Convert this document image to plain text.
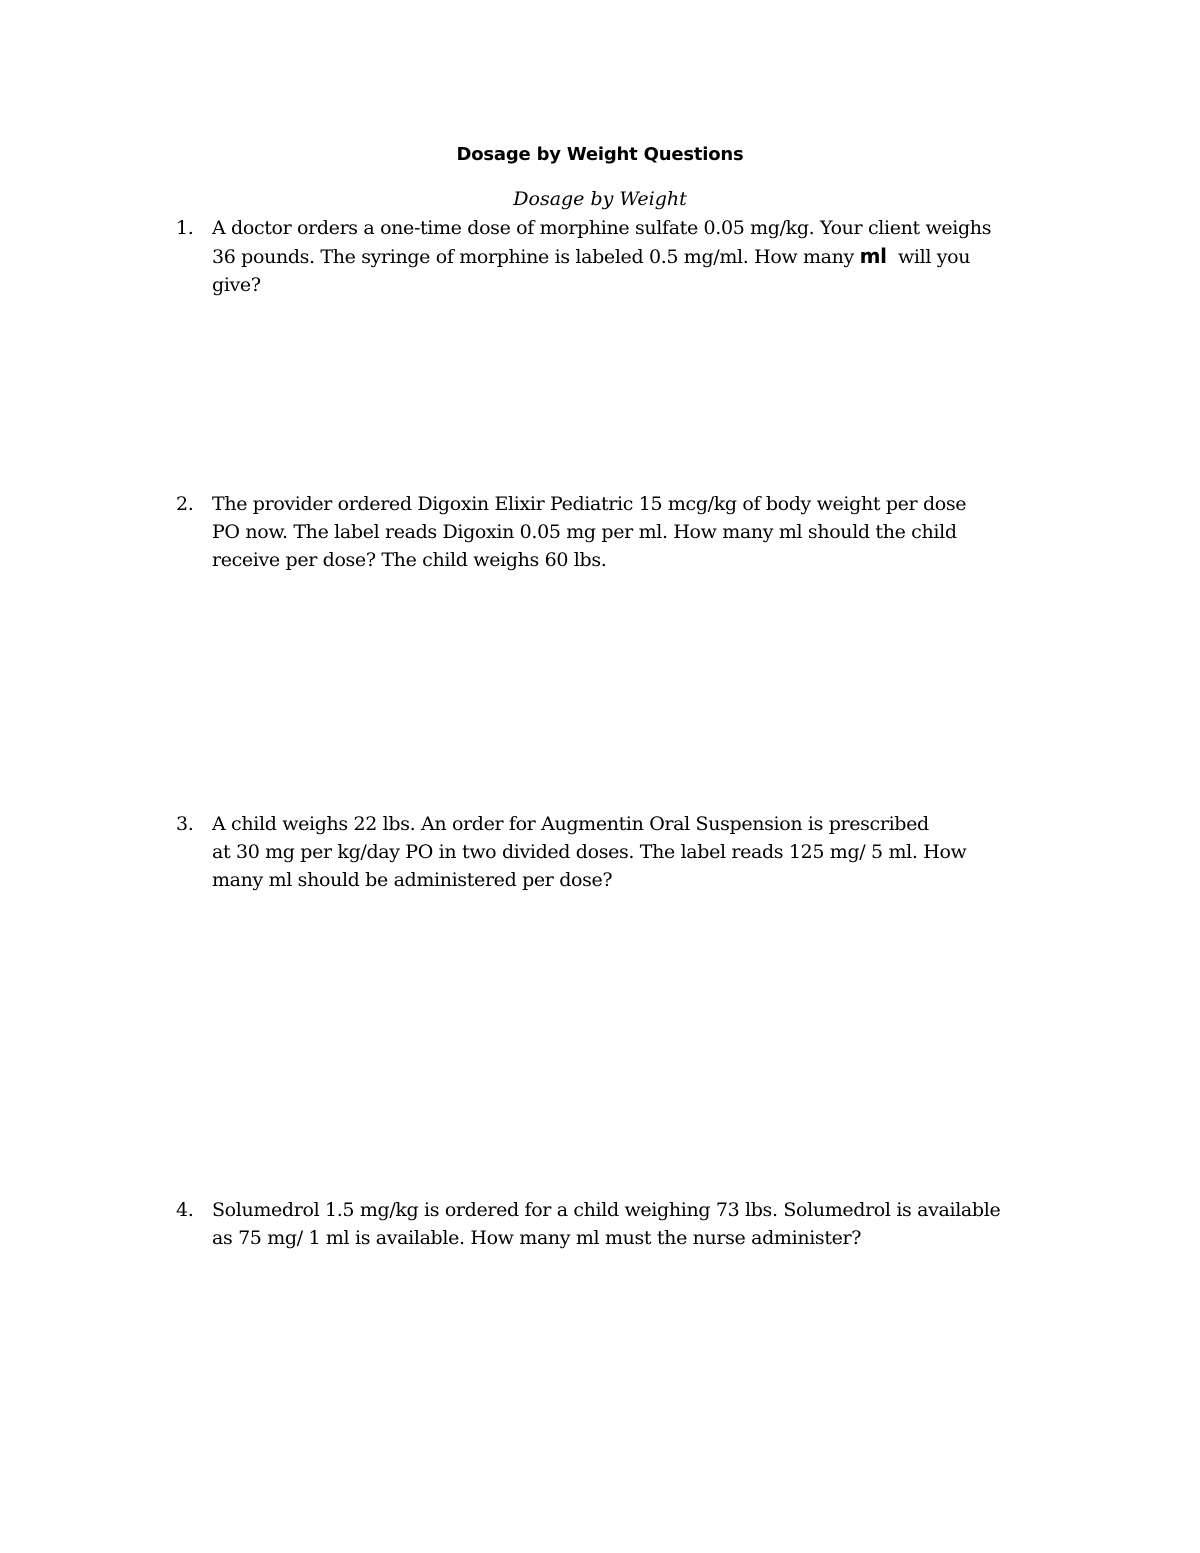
Dosage by Weight Questions
Dosage by Weight
1. A doctor orders a one-time dose of morphine sulfate 0.05 mg/kg. Your client weighs
36 pounds. The syringe of morphine is labeled 0.5 mg/ml. How many ml  will you
give?
2. The provider ordered Digoxin Elixir Pediatric 15 mcg/kg of body weight per dose
PO now. The label reads Digoxin 0.05 mg per ml. How many ml should the child
receive per dose? The child weighs 60 lbs.
3. A child weighs 22 lbs. An order for Augmentin Oral Suspension is prescribed
at 30 mg per kg/day PO in two divided doses. The label reads 125 mg/ 5 ml. How
many ml should be administered per dose?
4. Solumedrol 1.5 mg/kg is ordered for a child weighing 73 lbs. Solumedrol is available
as 75 mg/ 1 ml is available. How many ml must the nurse administer?
